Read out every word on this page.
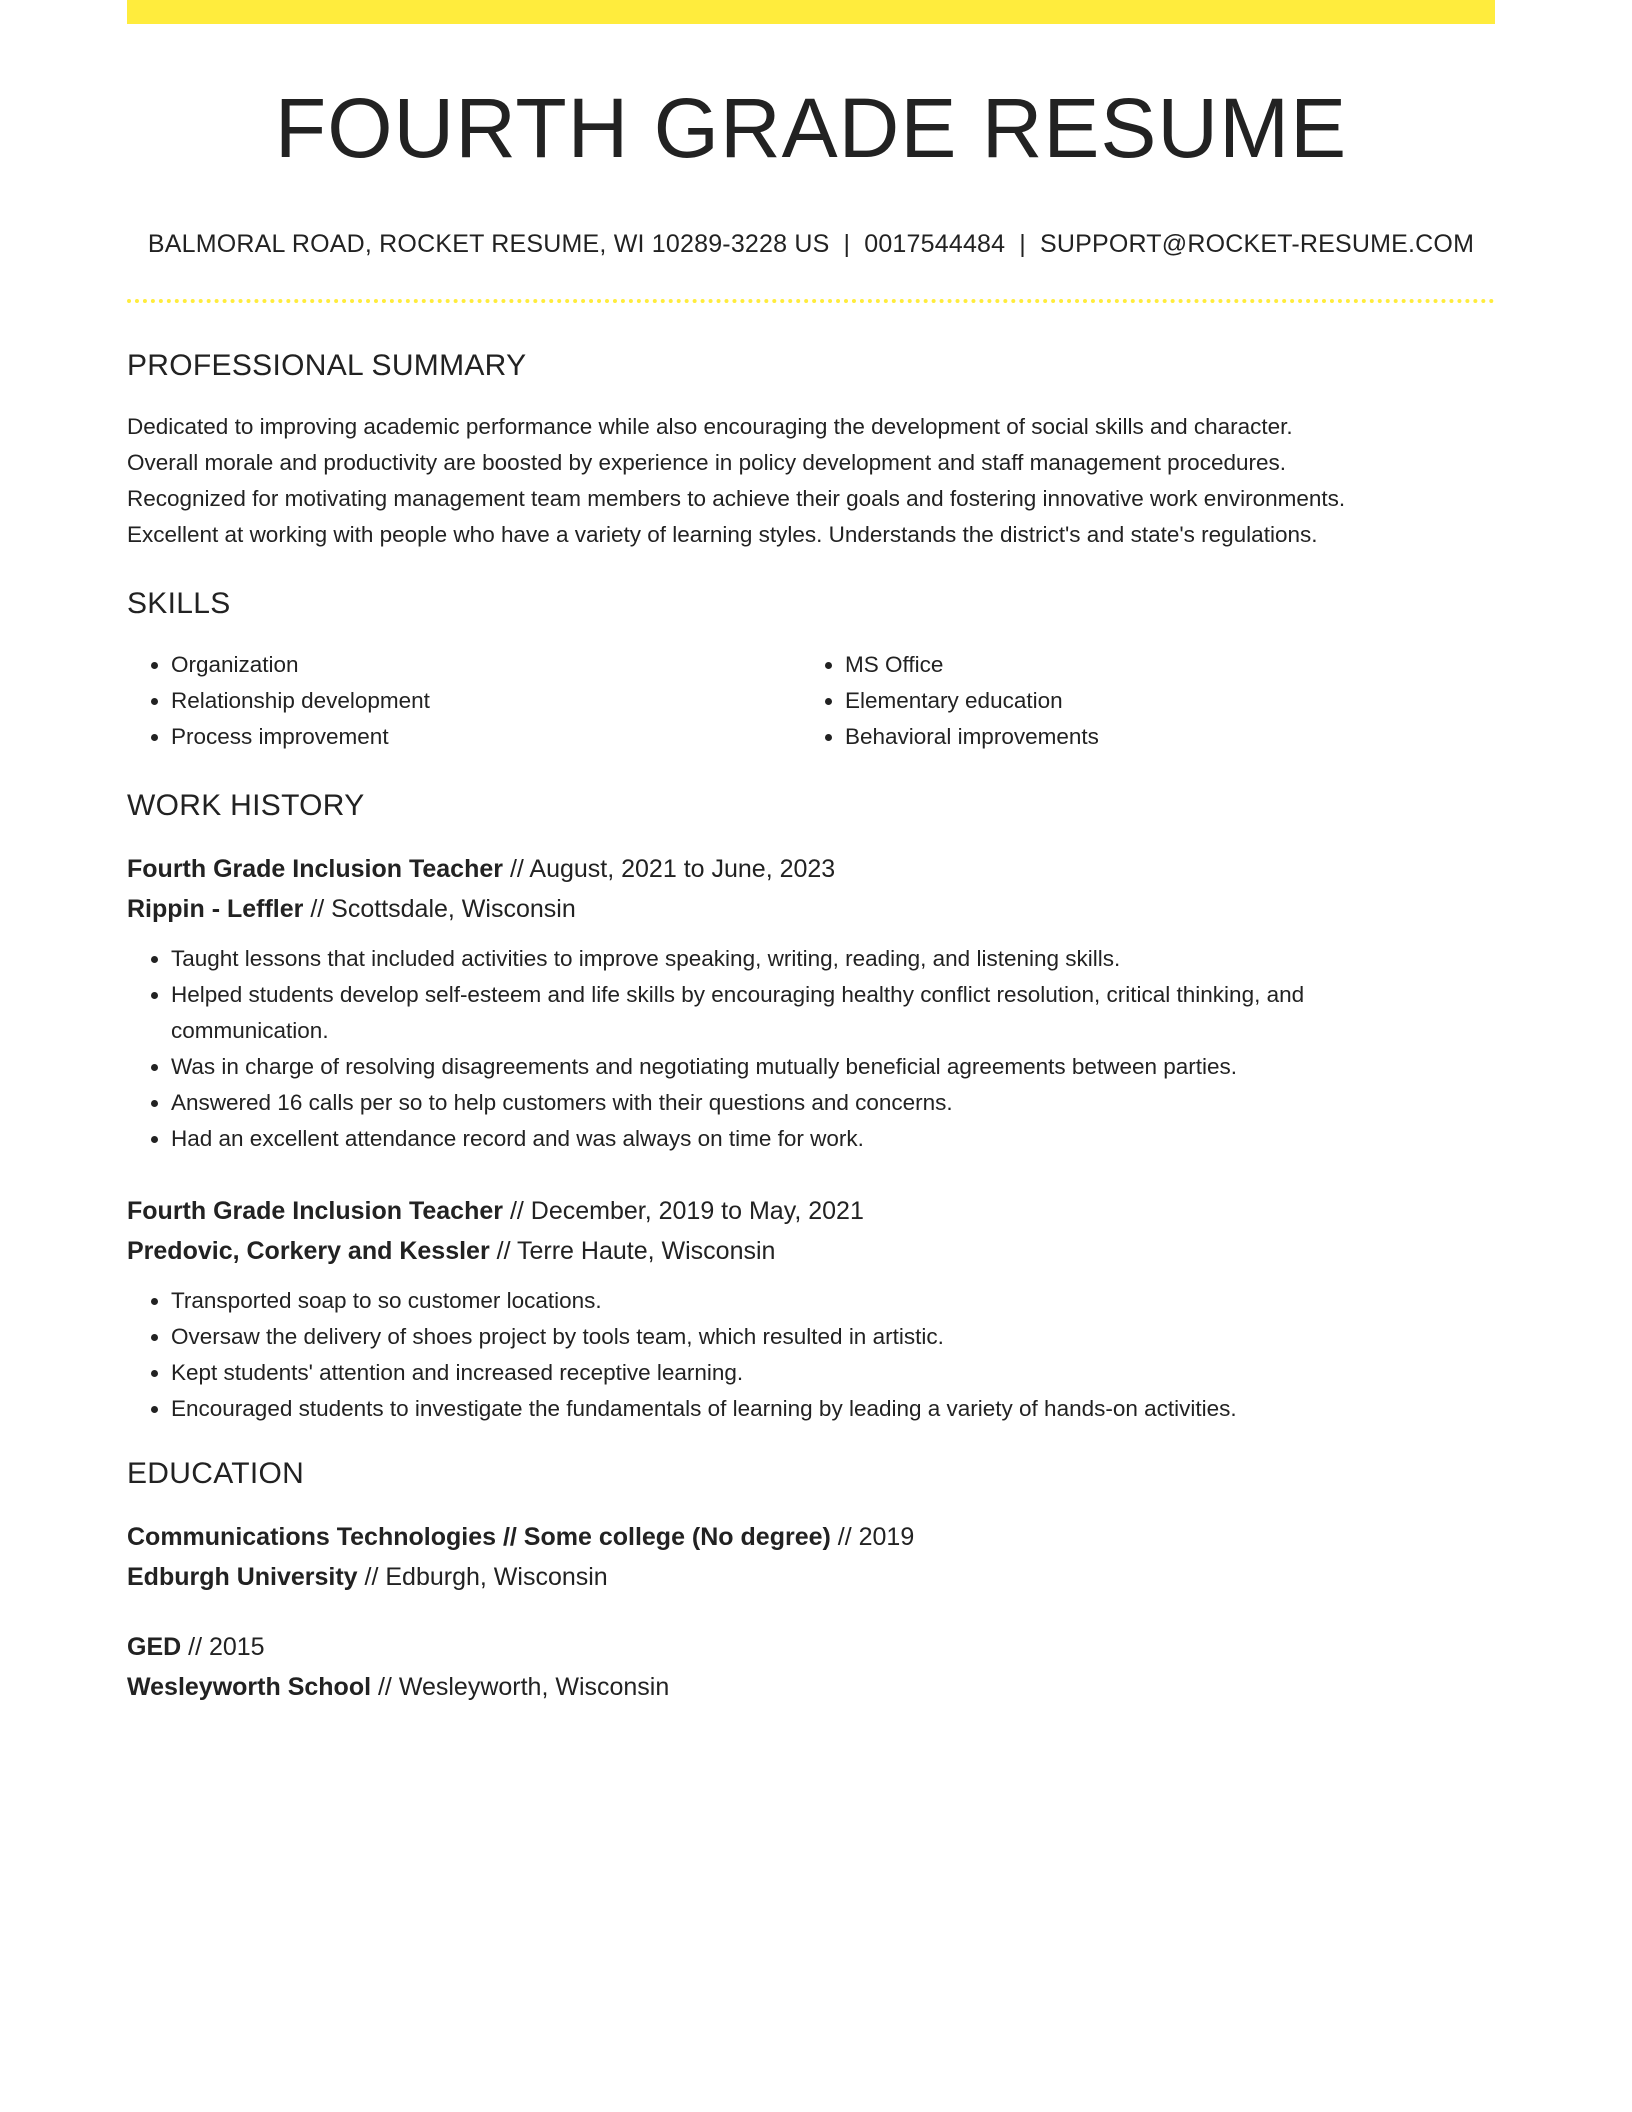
FOURTH GRADE RESUME
BALMORAL ROAD, ROCKET RESUME, WI 10289-3228 US | 0017544484 | SUPPORT@ROCKET-RESUME.COM
PROFESSIONAL SUMMARY
Dedicated to improving academic performance while also encouraging the development of social skills and character.
Overall morale and productivity are boosted by experience in policy development and staff management procedures.
Recognized for motivating management team members to achieve their goals and fostering innovative work environments.
Excellent at working with people who have a variety of learning styles. Understands the district's and state's regulations.
SKILLS
• Organization
• Relationship development
• Process improvement
• MS Office
• Elementary education
• Behavioral improvements
WORK HISTORY
Fourth Grade Inclusion Teacher // August, 2021 to June, 2023
Rippin - Leffler // Scottsdale, Wisconsin
• Taught lessons that included activities to improve speaking, writing, reading, and listening skills.
• Helped students develop self-esteem and life skills by encouraging healthy conflict resolution, critical thinking, and communication.
• Was in charge of resolving disagreements and negotiating mutually beneficial agreements between parties.
• Answered 16 calls per so to help customers with their questions and concerns.
• Had an excellent attendance record and was always on time for work.
Fourth Grade Inclusion Teacher // December, 2019 to May, 2021
Predovic, Corkery and Kessler // Terre Haute, Wisconsin
• Transported soap to so customer locations.
• Oversaw the delivery of shoes project by tools team, which resulted in artistic.
• Kept students' attention and increased receptive learning.
• Encouraged students to investigate the fundamentals of learning by leading a variety of hands-on activities.
EDUCATION
Communications Technologies // Some college (No degree) // 2019
Edburgh University // Edburgh, Wisconsin
GED // 2015
Wesleyworth School // Wesleyworth, Wisconsin
